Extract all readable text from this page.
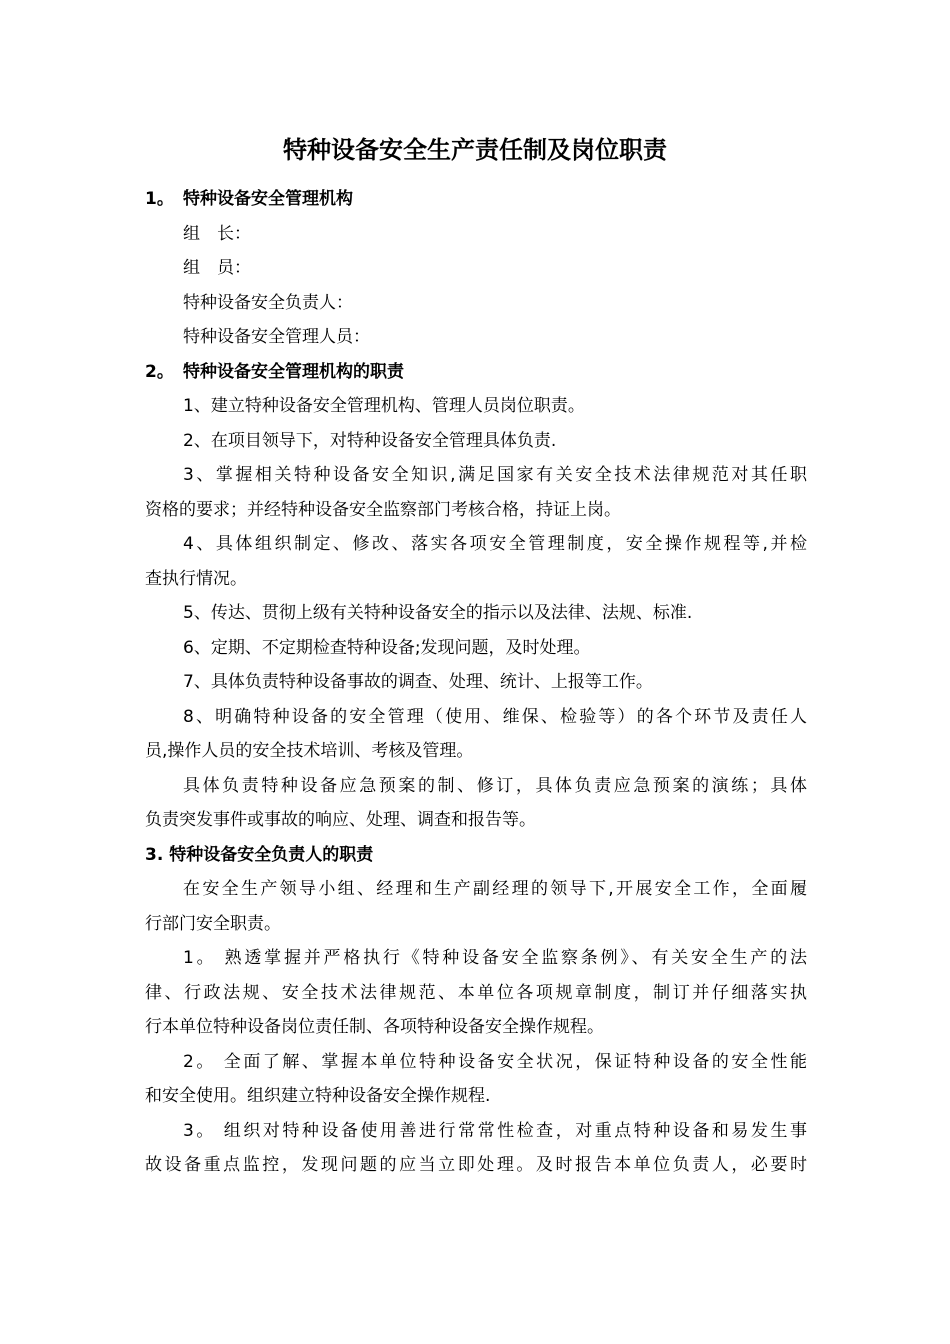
特种设备安全生产责任制及岗位职责
1。 特种设备安全管理机构
组　长：
组　员：
特种设备安全负责人：
特种设备安全管理人员：
2。 特种设备安全管理机构的职责
1、建立特种设备安全管理机构、管理人员岗位职责。
2、在项目领导下，对特种设备安全管理具体负责.
3、掌握相关特种设备安全知识,满足国家有关安全技术法律规范对其任职
资格的要求；并经特种设备安全监察部门考核合格，持证上岗。
4、具体组织制定、修改、落实各项安全管理制度，安全操作规程等,并检
查执行情况。
5、传达、贯彻上级有关特种设备安全的指示以及法律、法规、标准.
6、定期、不定期检查特种设备;发现问题，及时处理。
7、具体负责特种设备事故的调查、处理、统计、上报等工作。
8、明确特种设备的安全管理（使用、维保、检验等）的各个环节及责任人
员,操作人员的安全技术培训、考核及管理。
具体负责特种设备应急预案的制、修订，具体负责应急预案的演练；具体
负责突发事件或事故的响应、处理、调查和报告等。
3. 特种设备安全负责人的职责
在安全生产领导小组、经理和生产副经理的领导下,开展安全工作，全面履
行部门安全职责。
1。 熟透掌握并严格执行《特种设备安全监察条例》、有关安全生产的法
律、行政法规、安全技术法律规范、本单位各项规章制度，制订并仔细落实执
行本单位特种设备岗位责任制、各项特种设备安全操作规程。
2。 全面了解、掌握本单位特种设备安全状况，保证特种设备的安全性能
和安全使用。组织建立特种设备安全操作规程.
3。 组织对特种设备使用善进行常常性检查，对重点特种设备和易发生事
故设备重点监控，发现问题的应当立即处理。及时报告本单位负责人，必要时
